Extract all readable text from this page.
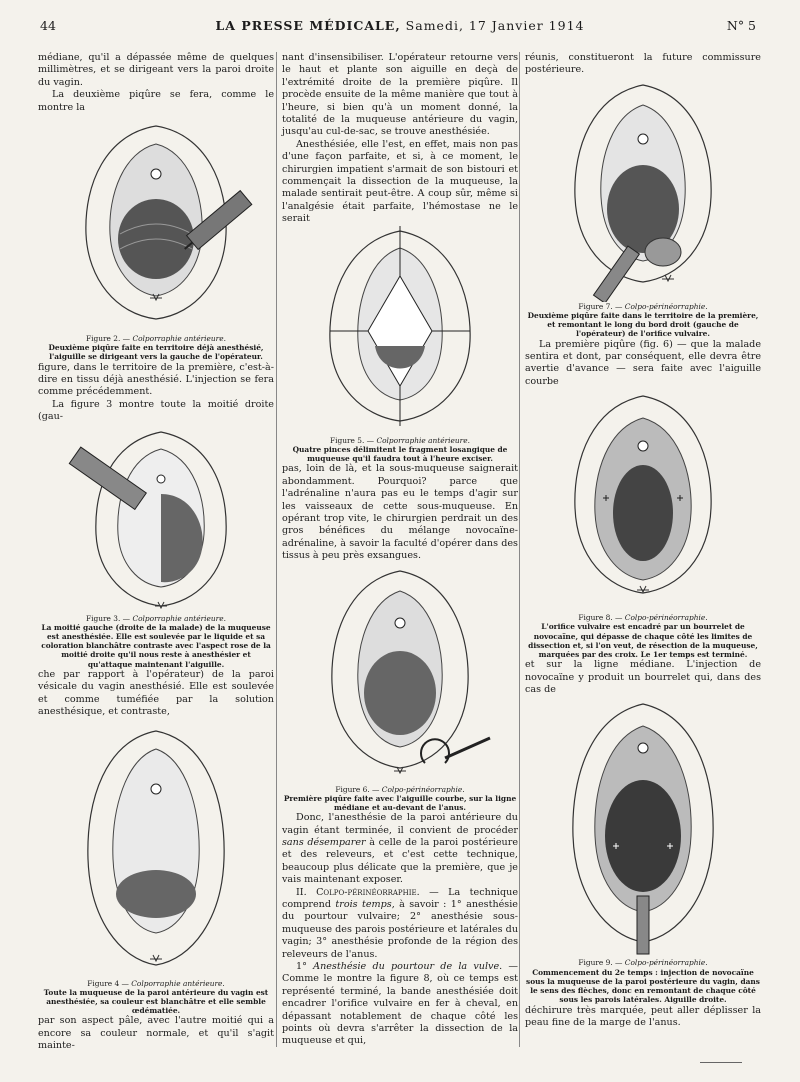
44	LA PRESSE MÉDICALE, Samedi, 17 Janvier 1914	N° 5

médiane, qu'il a dépassée même de quelques millimètres, et se dirigeant vers la paroi droite du vagin.

La deuxième piqûre se fera, comme le montre la

Figure 2. — Colporraphie antérieure.
Deuxième piqûre faite en territoire déjà anesthésié, l'aiguille se dirigeant vers la gauche de l'opérateur.

figure, dans le territoire de la première, c'est-à-dire en tissu déjà anesthésié. L'injection se fera comme précédemment.

La figure 3 montre toute la moitié droite (gau-

Figure 3. — Colporraphie antérieure.
La moitié gauche (droite de la malade) de la muqueuse est anesthésiée. Elle est soulevée par le liquide et sa coloration blanchâtre contraste avec l'aspect rose de la moitié droite qu'il nous reste à anesthésier et qu'attaque maintenant l'aiguille.

che par rapport à l'opérateur) de la paroi vésicale du vagin anesthésié. Elle est soulevée et comme tuméfiée par la solution anesthésique, et contraste,

Figure 4 — Colporraphie antérieure.
Toute la muqueuse de la paroi antérieure du vagin est anesthésiée, sa couleur est blanchâtre et elle semble œdématiée.

par son aspect pâle, avec l'autre moitié qui a encore sa couleur normale, et qu'il s'agit mainte-

nant d'insensibiliser. L'opérateur retourne vers le haut et plante son aiguille en deçà de l'extrémité droite de la première piqûre. Il procède ensuite de la même manière que tout à l'heure, si bien qu'à un moment donné, la totalité de la muqueuse antérieure du vagin, jusqu'au cul-de-sac, se trouve anesthésiée.

Anesthésiée, elle l'est, en effet, mais non pas d'une façon parfaite, et si, à ce moment, le chirurgien impatient s'armait de son bistouri et commençait la dissection de la muqueuse, la malade sentirait peut-être. A coup sûr, même si l'analgésie était parfaite, l'hémostase ne le serait

Figure 5. — Colporraphie antérieure.
Quatre pinces délimitent le fragment losangique de muqueuse qu'il faudra tout à l'heure exciser.

pas, loin de là, et la sous-muqueuse saignerait abondamment. Pourquoi? parce que l'adrénaline n'aura pas eu le temps d'agir sur les vaisseaux de cette sous-muqueuse. En opérant trop vite, le chirurgien perdrait un des gros bénéfices du mélange novocaïne-adrénaline, à savoir la faculté d'opérer dans des tissus à peu près exsangues.

Figure 6. — Colpo-périnéorraphie.
Première piqûre faite avec l'aiguille courbe, sur la ligne médiane et au-devant de l'anus.

Donc, l'anesthésie de la paroi antérieure du vagin étant terminée, il convient de procéder sans désemparer à celle de la paroi postérieure et des releveurs, et c'est cette technique, beaucoup plus délicate que la première, que je vais maintenant exposer.

II. Colpo-périnéorraphie. — La technique comprend trois temps, à savoir : 1° anesthésie du pourtour vulvaire; 2° anesthésie sous-muqueuse des parois postérieure et latérales du vagin; 3° anesthésie profonde de la région des releveurs de l'anus.

1° Anesthésie du pourtour de la vulve. — Comme le montre la figure 8, où ce temps est représenté terminé, la bande anesthésiée doit encadrer l'orifice vulvaire en fer à cheval, en dépassant notablement de chaque côté les points où devra s'arrêter la dissection de la muqueuse et qui,

réunis, constitueront la future commissure postérieure.

Figure 7. — Colpo-périnéorraphie.
Deuxième piqûre faite dans le territoire de la première, et remontant le long du bord droit (gauche de l'opérateur) de l'orifice vulvaire.

La première piqûre (fig. 6) — que la malade sentira et dont, par conséquent, elle devra être avertie d'avance — sera faite avec l'aiguille courbe

Figure 8. — Colpo-périnéorraphie.
L'orifice vulvaire est encadré par un bourrelet de novocaïne, qui dépasse de chaque côté les limites de dissection et, si l'on veut, de résection de la muqueuse, marquées par des croix. Le 1er temps est terminé.

et sur la ligne médiane. L'injection de novocaïne y produit un bourrelet qui, dans des cas de

Figure 9. — Colpo-périnéorraphie.
Commencement du 2e temps : injection de novocaïne sous la muqueuse de la paroi postérieure du vagin, dans le sens des flèches, donc en remontant de chaque côté sous les parois latérales. Aiguille droite.

déchirure très marquée, peut aller déplisser la peau fine de la marge de l'anus.
